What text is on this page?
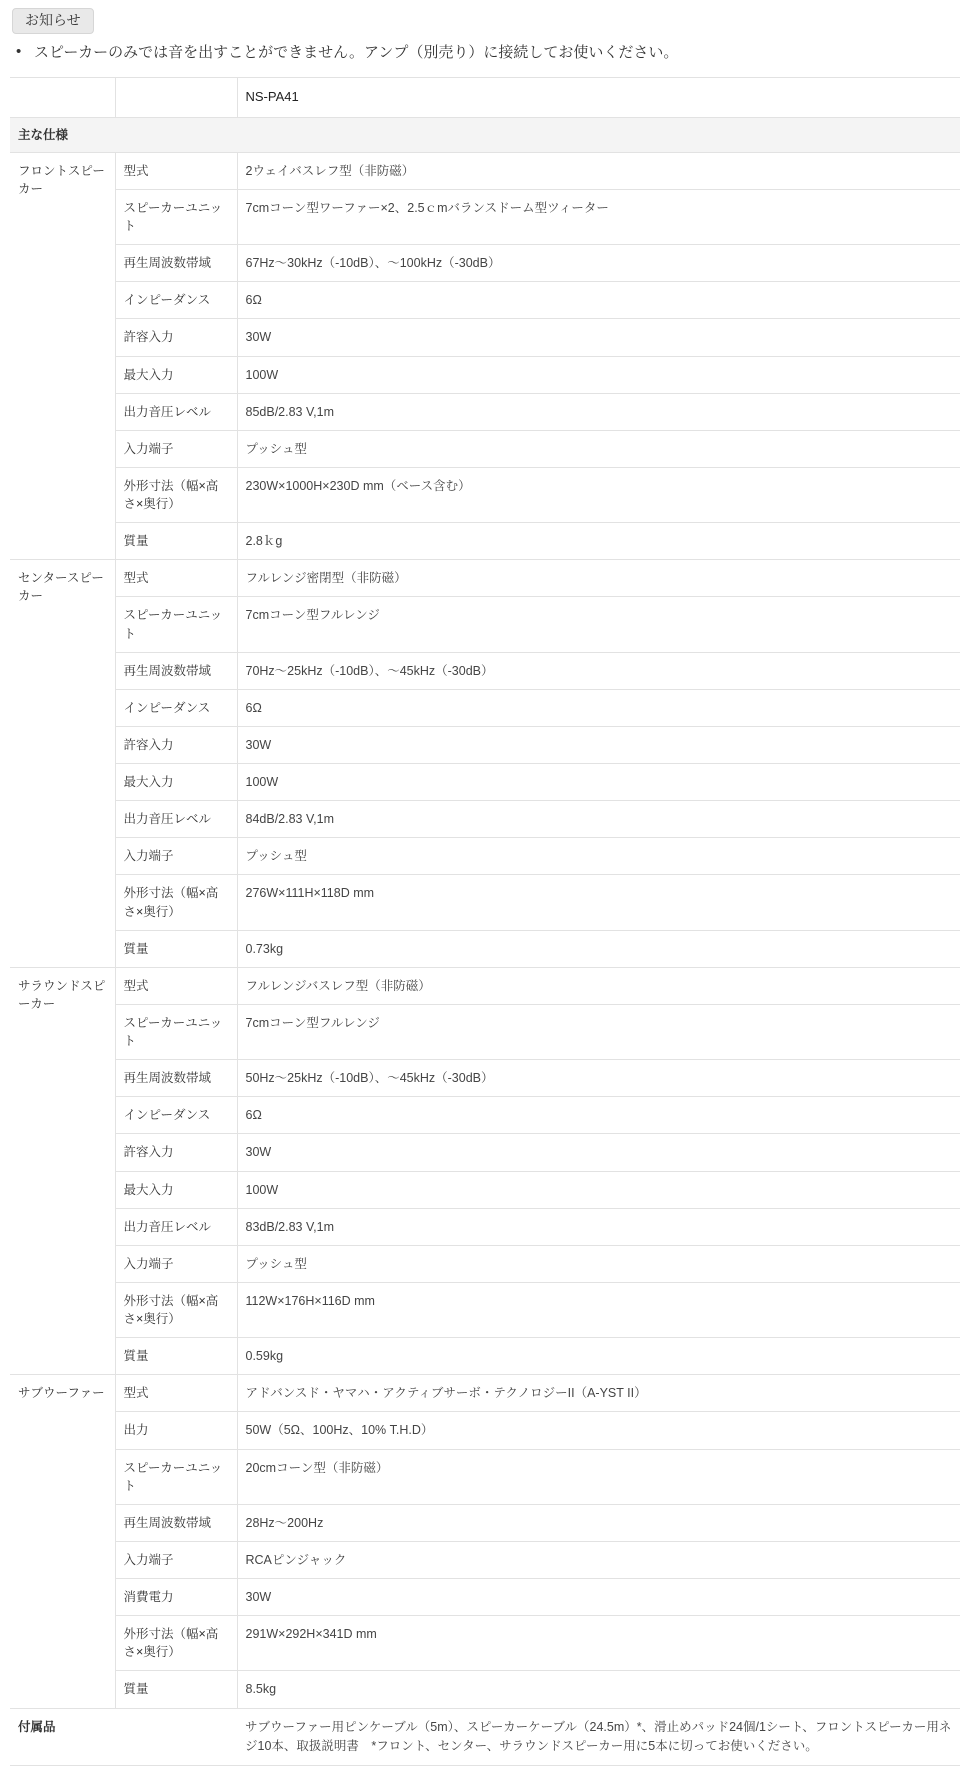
お知らせ
• スピーカーのみでは音を出すことができません。アンプ（別売り）に接続してお使いください。
		NS-PA41
主な仕様		
フロントスピーカー	型式	2ウェイバスレフ型（非防磁）
	スピーカーユニット	7cmコーン型ワーファー×2、2.5ｃmバランスドーム型ツィーター
	再生周波数帯域	67Hz〜30kHz（-10dB）、〜100kHz（-30dB）
	インピーダンス	6Ω
	許容入力	30W
	最大入力	100W
	出力音圧レベル	85dB/2.83 V,1m
	入力端子	プッシュ型
	外形寸法（幅×高さ×奥行）	230W×1000H×230D mm（ベース含む）
	質量	2.8ｋg
センタースピーカー	型式	フルレンジ密閉型（非防磁）
	スピーカーユニット	7cmコーン型フルレンジ
	再生周波数帯域	70Hz〜25kHz（-10dB）、〜45kHz（-30dB）
	インピーダンス	6Ω
	許容入力	30W
	最大入力	100W
	出力音圧レベル	84dB/2.83 V,1m
	入力端子	プッシュ型
	外形寸法（幅×高さ×奥行）	276W×111H×118D mm
	質量	0.73kg
サラウンドスピーカー	型式	フルレンジバスレフ型（非防磁）
	スピーカーユニット	7cmコーン型フルレンジ
	再生周波数帯域	50Hz〜25kHz（-10dB）、〜45kHz（-30dB）
	インピーダンス	6Ω
	許容入力	30W
	最大入力	100W
	出力音圧レベル	83dB/2.83 V,1m
	入力端子	プッシュ型
	外形寸法（幅×高さ×奥行）	112W×176H×116D mm
	質量	0.59kg
サブウーファー	型式	アドバンスド・ヤマハ・アクティブサーボ・テクノロジーII（A-YST II）
	出力	50W（5Ω、100Hz、10% T.H.D）
	スピーカーユニット	20cmコーン型（非防磁）
	再生周波数帯域	28Hz〜200Hz
	入力端子	RCAピンジャック
	消費電力	30W
	外形寸法（幅×高さ×奥行）	291W×292H×341D mm
	質量	8.5kg
付属品		サブウーファー用ピンケーブル（5m）、スピーカーケーブル（24.5m）*、滑止めパッド24個/1シート、フロントスピーカー用ネジ10本、取扱説明書　*フロント、センター、サラウンドスピーカー用に5本に切ってお使いください。
